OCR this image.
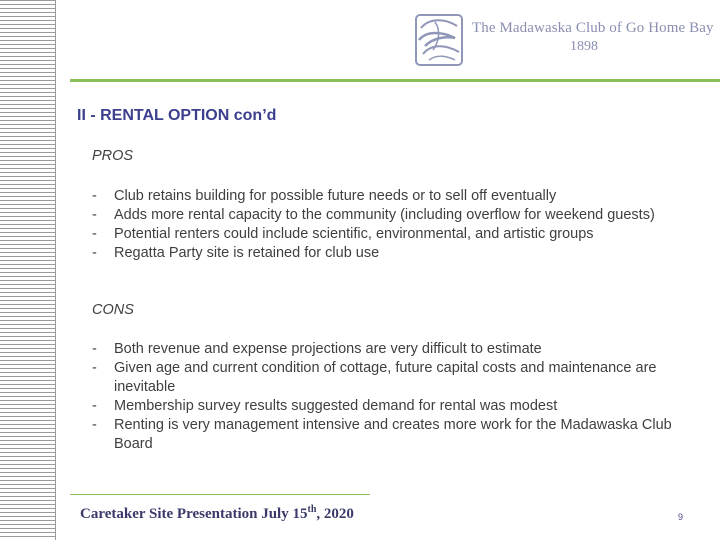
The Madawaska Club of Go Home Bay
1898
II - RENTAL OPTION con’d
PROS
- Club retains building for possible future needs or to sell off eventually
- Adds more rental capacity to the community (including overflow for weekend guests)
- Potential renters could include scientific, environmental, and artistic groups
- Regatta Party site is retained for club use
CONS
- Both revenue and expense projections are very difficult to estimate
- Given age and current condition of cottage, future capital costs and maintenance are inevitable
- Membership survey results suggested demand for rental was modest
- Renting is very management intensive and creates more work for the Madawaska Club Board
Caretaker Site Presentation July 15th, 2020	9
